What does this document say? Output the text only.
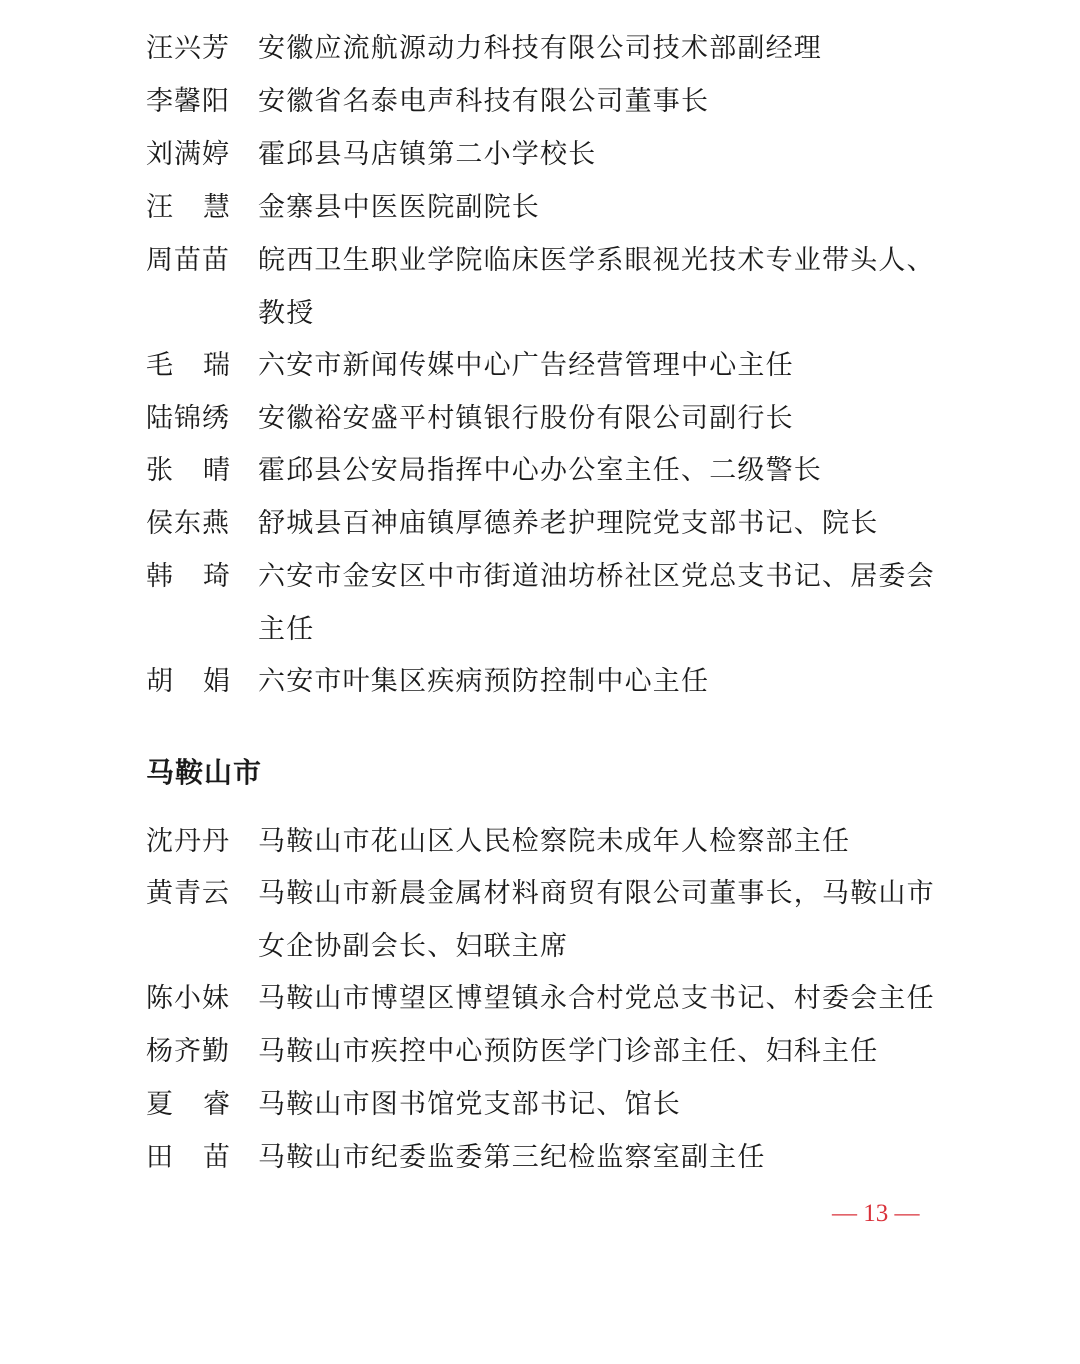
汪兴芳 安徽应流航源动力科技有限公司技术部副经理
李馨阳 安徽省名泰电声科技有限公司董事长
刘满婷 霍邱县马店镇第二小学校长
汪 慧 金寨县中医医院副院长
周苗苗 皖西卫生职业学院临床医学系眼视光技术专业带头人、教授
毛 瑞 六安市新闻传媒中心广告经营管理中心主任
陆锦绣 安徽裕安盛平村镇银行股份有限公司副行长
张 晴 霍邱县公安局指挥中心办公室主任、二级警长
侯东燕 舒城县百神庙镇厚德养老护理院党支部书记、院长
韩 琦 六安市金安区中市街道油坊桥社区党总支书记、居委会主任
胡 娟 六安市叶集区疾病预防控制中心主任
马鞍山市
沈丹丹 马鞍山市花山区人民检察院未成年人检察部主任
黄青云 马鞍山市新晨金属材料商贸有限公司董事长，马鞍山市女企协副会长、妇联主席
陈小妹 马鞍山市博望区博望镇永合村党总支书记、村委会主任
杨齐勤 马鞍山市疾控中心预防医学门诊部主任、妇科主任
夏 睿 马鞍山市图书馆党支部书记、馆长
田 苗 马鞍山市纪委监委第三纪检监察室副主任
— 13 —
